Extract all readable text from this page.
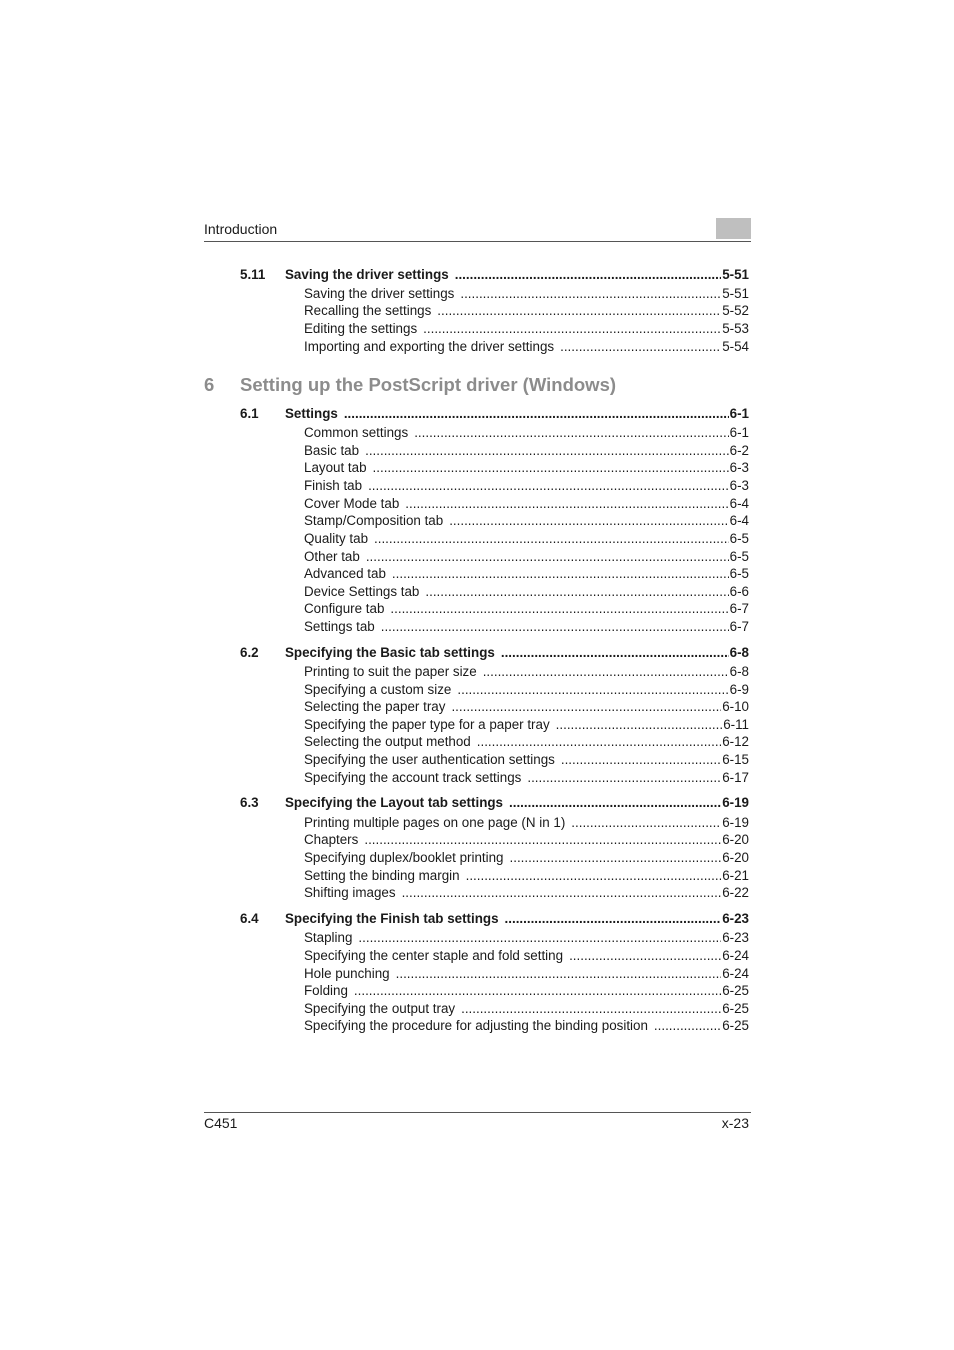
Introduction
5.11	Saving the driver settings .....	5-51
Saving the driver settings .....	5-51
Recalling the settings .....	5-52
Editing the settings .....	5-53
Importing and exporting the driver settings .....	5-54
6	Setting up the PostScript driver (Windows)
6.1	Settings .....	6-1
Common settings .....	6-1
Basic tab .....	6-2
Layout tab .....	6-3
Finish tab .....	6-3
Cover Mode tab .....	6-4
Stamp/Composition tab .....	6-4
Quality tab .....	6-5
Other tab .....	6-5
Advanced tab .....	6-5
Device Settings tab .....	6-6
Configure tab .....	6-7
Settings tab .....	6-7
6.2	Specifying the Basic tab settings .....	6-8
Printing to suit the paper size .....	6-8
Specifying a custom size .....	6-9
Selecting the paper tray .....	6-10
Specifying the paper type for a paper tray .....	6-11
Selecting the output method .....	6-12
Specifying the user authentication settings .....	6-15
Specifying the account track settings .....	6-17
6.3	Specifying the Layout tab settings .....	6-19
Printing multiple pages on one page (N in 1) .....	6-19
Chapters .....	6-20
Specifying duplex/booklet printing .....	6-20
Setting the binding margin .....	6-21
Shifting images .....	6-22
6.4	Specifying the Finish tab settings .....	6-23
Stapling .....	6-23
Specifying the center staple and fold setting .....	6-24
Hole punching .....	6-24
Folding .....	6-25
Specifying the output tray .....	6-25
Specifying the procedure for adjusting the binding position .....	6-25
C451	x-23
